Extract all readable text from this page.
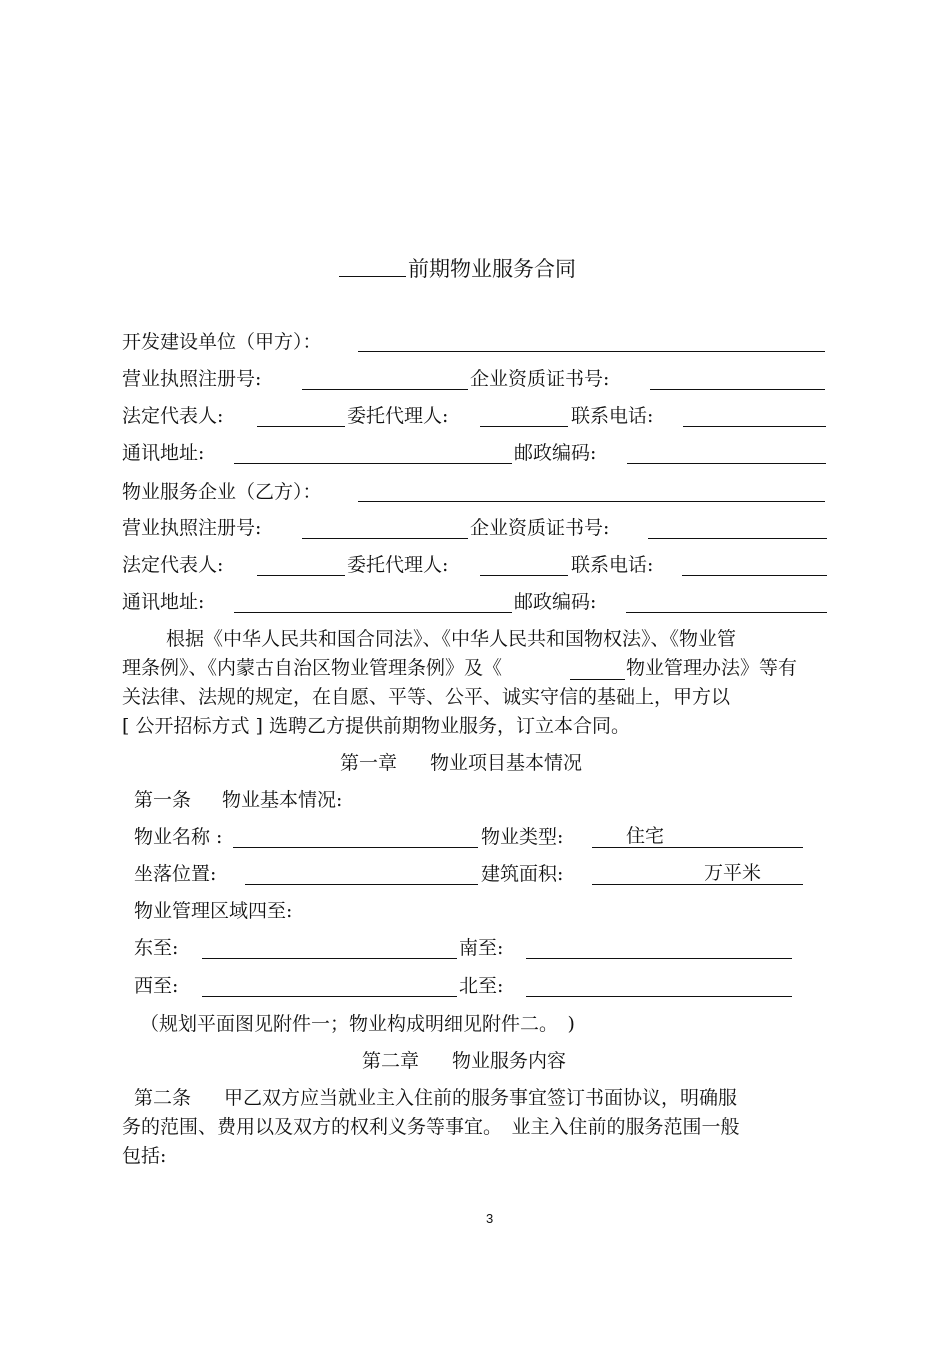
前期物业服务合同
开发建设单位（甲方）：
营业执照注册号:	企业资质证书号:
法定代表人:	委托代理人:	联系电话:
通讯地址:	邮政编码:
物业服务企业（乙方）：
营业执照注册号:	企业资质证书号:
法定代表人:	委托代理人:	联系电话:
通讯地址:	邮政编码:
根据《中华人民共和国合同法》、《中华人民共和国物权法》、《物业管
理条例》、《内蒙古自治区物业管理条例》及《	物业管理办法》等有
关法律、法规的规定，在自愿、平等、公平、诚实守信的基础上，甲方以
[ 公开招标方式 ] 选聘乙方提供前期物业服务，订立本合同。
第一章 物业项目基本情况
第一条 物业基本情况:
物业名称 :	物业类型:	住宅
坐落位置:	建筑面积:	万平米
物业管理区域四至:
东至:	南至:
西至:	北至:
（规划平面图见附件一；物业构成明细见附件二。　)
第二章 物业服务内容
第二条 甲乙双方应当就业主入住前的服务事宜签订书面协议，明确服
务的范围、费用以及双方的权利义务等事宜。　业主入住前的服务范围一般
包括:
3
